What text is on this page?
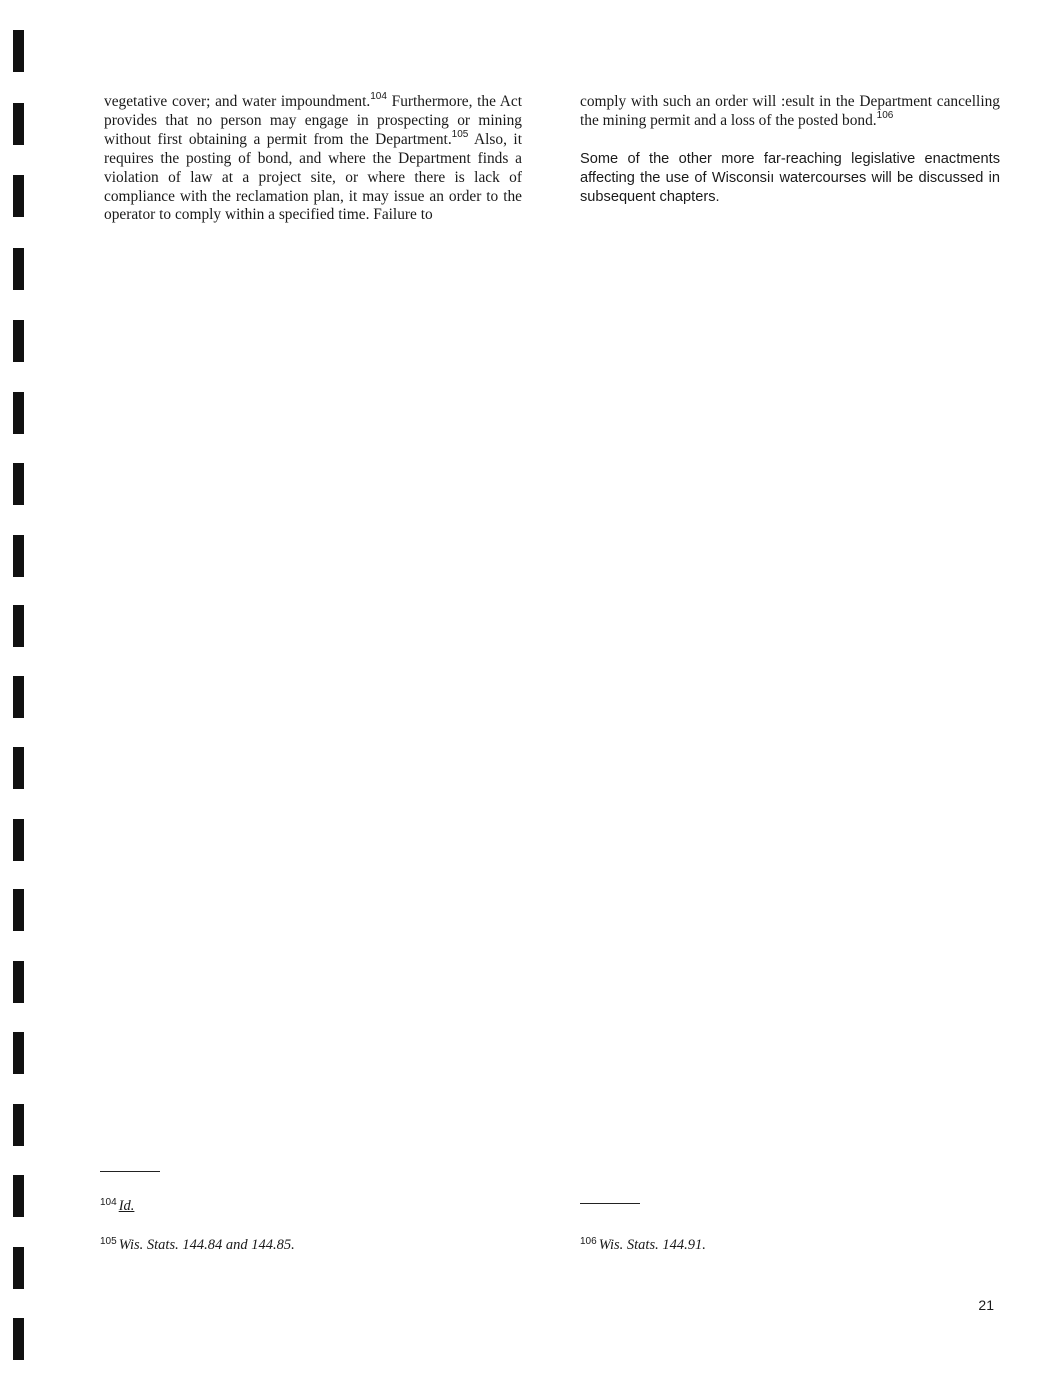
vegetative cover; and water impoundment.$^{104}$ Furthermore, the Act provides that no person may engage in prospecting or mining without first obtaining a permit from the Department.$^{105}$ Also, it requires the posting of bond, and where the Department finds a violation of law at a project site, or where there is lack of compliance with the reclamation plan, it may issue an order to the operator to comply within a specified time. Failure to

comply with such an order will :esult in the Department cancelling the mining permit and a loss of the posted bond.$^{106}$

Some of the other more far-reaching legislative enactments affecting the use of Wisconsiı watercourses will be discussed in subsequent chapters.

$^{104}$ Id.
$^{105}$ Wis. Stats. 144.84 and 144.85.	$^{106}$ Wis. Stats. 144.91.
21
